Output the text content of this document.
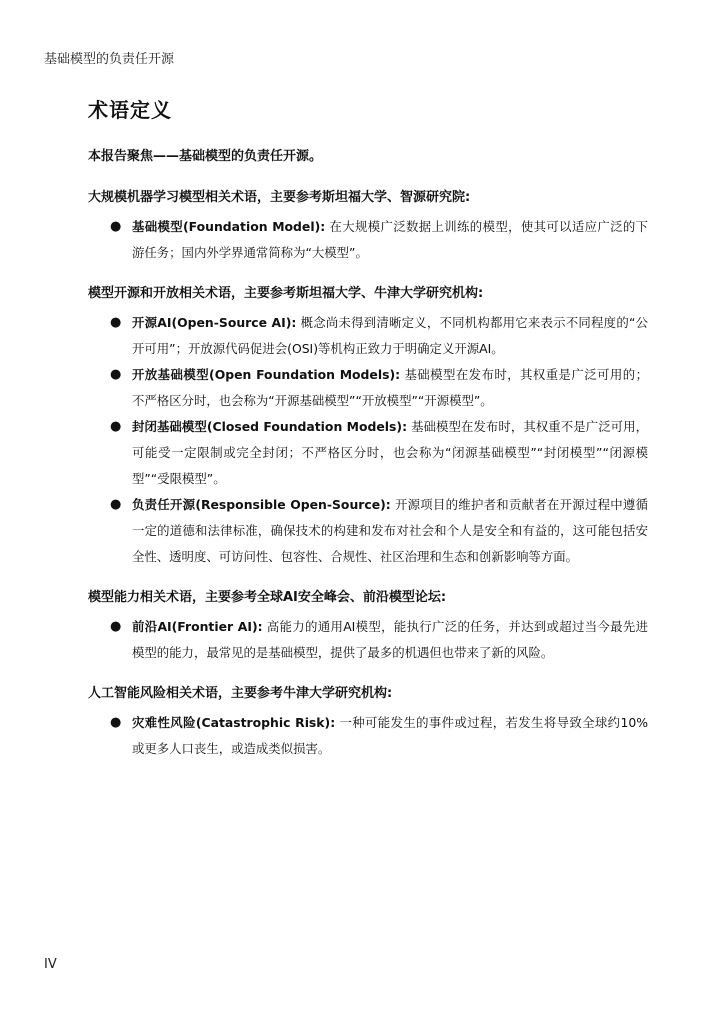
基础模型的负责任开源
术语定义
本报告聚焦——基础模型的负责任开源。
大规模机器学习模型相关术语，主要参考斯坦福大学、智源研究院:
● 基础模型(Foundation Model): 在大规模广泛数据上训练的模型，使其可以适应广泛的下游任务；国内外学界通常简称为“大模型”。
模型开源和开放相关术语，主要参考斯坦福大学、牛津大学研究机构:
● 开源AI(Open-Source AI): 概念尚未得到清晰定义，不同机构都用它来表示不同程度的“公开可用”；开放源代码促进会(OSI)等机构正致力于明确定义开源AI。
● 开放基础模型(Open Foundation Models): 基础模型在发布时，其权重是广泛可用的；不严格区分时，也会称为“开源基础模型”“开放模型”“开源模型”。
● 封闭基础模型(Closed Foundation Models): 基础模型在发布时，其权重不是广泛可用，可能受一定限制或完全封闭；不严格区分时，也会称为“闭源基础模型”“封闭模型”“闭源模型”“受限模型”。
● 负责任开源(Responsible Open-Source): 开源项目的维护者和贡献者在开源过程中遵循一定的道德和法律标准，确保技术的构建和发布对社会和个人是安全和有益的，这可能包括安全性、透明度、可访问性、包容性、合规性、社区治理和生态和创新影响等方面。
模型能力相关术语，主要参考全球AI安全峰会、前沿模型论坛:
● 前沿AI(Frontier AI): 高能力的通用AI模型，能执行广泛的任务，并达到或超过当今最先进模型的能力，最常见的是基础模型，提供了最多的机遇但也带来了新的风险。
人工智能风险相关术语，主要参考牛津大学研究机构:
● 灾难性风险(Catastrophic Risk): 一种可能发生的事件或过程，若发生将导致全球约10%或更多人口丧生，或造成类似损害。
IV
